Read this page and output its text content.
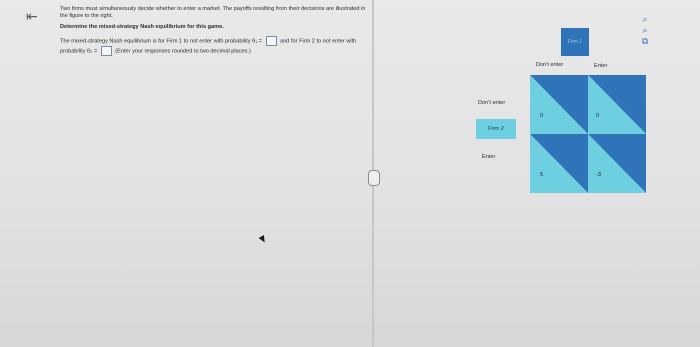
⇤	Two firms must simultaneously decide whether to enter a market. The payoffs resulting from their decisions are illustrated in the figure to the right.

Determine the mixed-strategy Nash equilibrium for this game.

The mixed-strategy Nash equilibrium is for Firm 1 to not enter with probability θ₁ =	and for Firm 2 to not enter with probability θ₂ =	(Enter your responses rounded to two decimal places.)

Firm 1
Don't enter	Enter
Don't enter
Firm 2
Enter
0	0
5	-3
⌕
⌕
⧉
